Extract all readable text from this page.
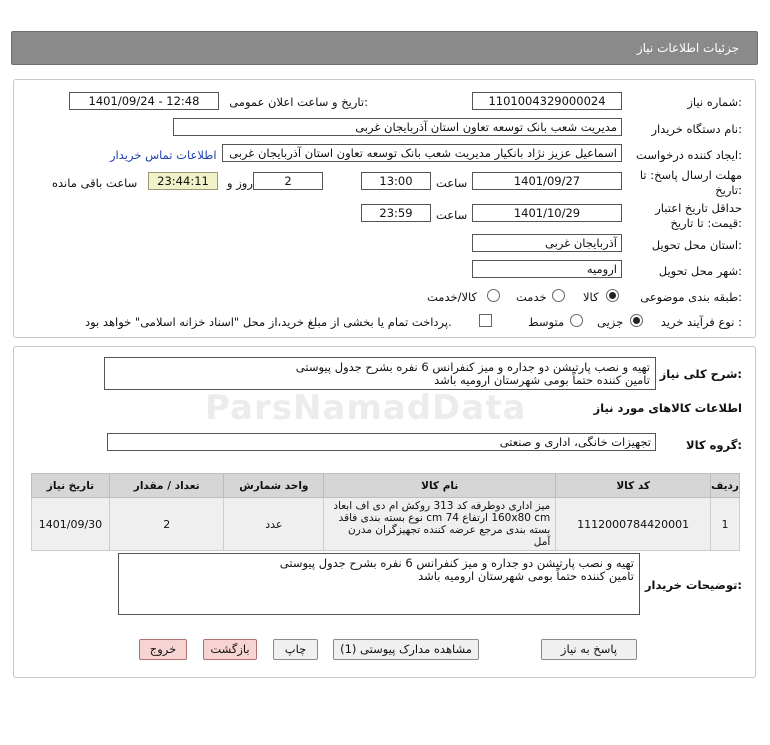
جزئیات اطلاعات نیاز
شماره نیاز:
1101004329000024
تاریخ و ساعت اعلان عمومی:
1401/09/24 - 12:48
نام دستگاه خریدار:
مدیریت شعب بانک توسعه تعاون استان آذربایجان غربی
ایجاد کننده درخواست:
اسماعیل عزیز نژاد بانکیار مدیریت شعب بانک توسعه تعاون استان آذربایجان غربی
اطلاعات تماس خریدار
مهلت ارسال پاسخ: تا
تاریخ:
1401/09/27
ساعت
13:00
2
روز و
23:44:11
ساعت باقی مانده
حداقل تاریخ اعتبار
قیمت: تا تاریخ:
1401/10/29
ساعت
23:59
استان محل تحویل:
آذربایجان غربی
شهر محل تحویل:
ارومیه
طبقه بندی موضوعی:
کالا
خدمت
کالا/خدمت
نوع فرآیند خرید :
جزیی
متوسط
پرداخت تمام یا بخشی از مبلغ خرید،از محل "اسناد خزانه اسلامی" خواهد بود.
شرح کلی نیاز:
تهیه و نصب پارتیشن دو جداره و میز کنفرانس 6 نفره بشرح جدول پیوستی
تامین کننده حتماً بومی شهرستان ارومیه باشد
اطلاعات کالاهای مورد نیاز
گروه کالا:
تجهیزات خانگی، اداری و صنعتی
تاریخ نیاز	تعداد / مقدار	واحد شمارش	نام کالا	کد کالا	ردیف
1401/09/30	2	عدد	میز اداری دوطرفه کد 313 روکش ام دی اف ابعاد 160x80 cm ارتفاع 74 cm نوع بسته بندی فاقد بسته بندی مرجع عرضه کننده تجهیزگران مدرن آمل	1112000784420001	1
توضیحات خریدار:
تهیه و نصب پارتیشن دو جداره و میز کنفرانس 6 نفره بشرح جدول پیوستی
تامین کننده حتماً بومی شهرستان ارومیه باشد
پاسخ به نیاز
مشاهده مدارک پیوستی (1)
چاپ
بازگشت
خروج
